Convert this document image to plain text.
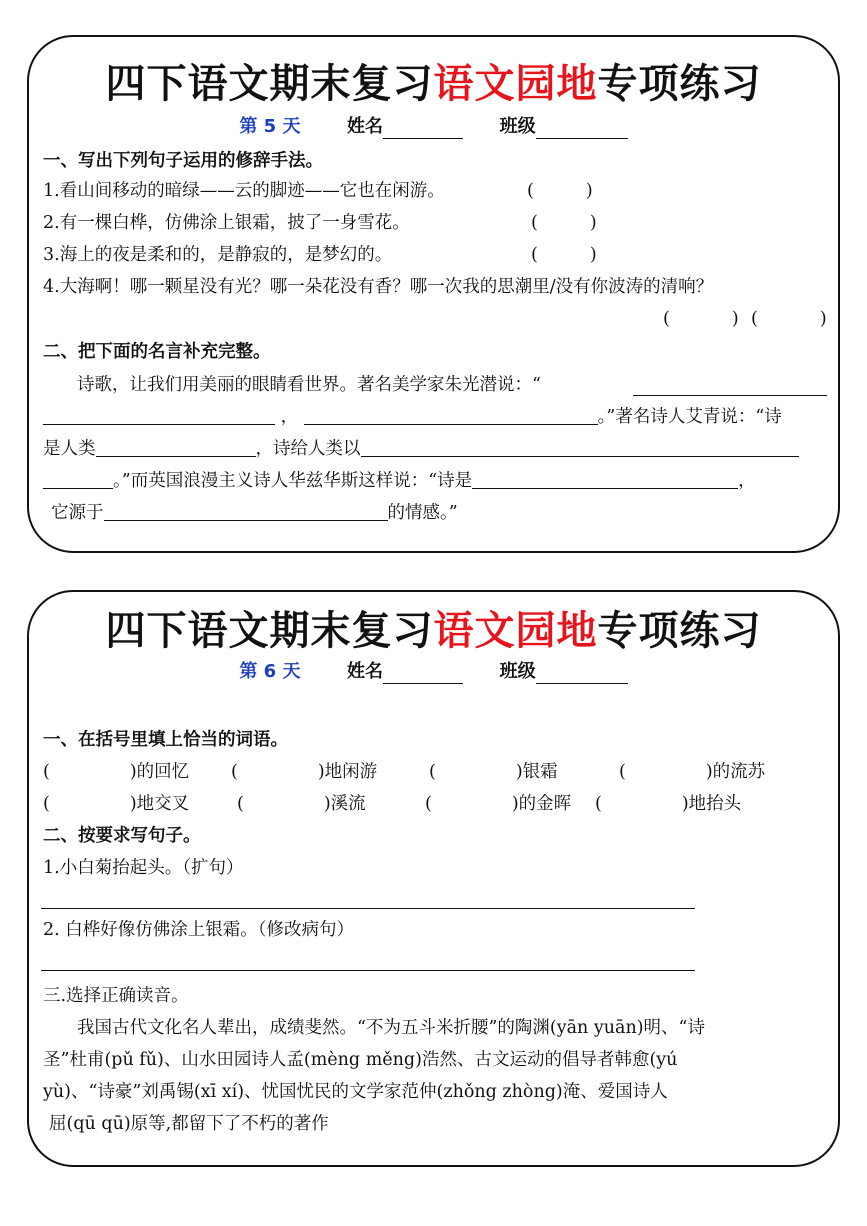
四下语文期末复习语文园地专项练习
第 5 天	姓名	班级
一、写出下列句子运用的修辞手法。
1.看山间移动的暗绿——云的脚迹——它也在闲游。	(	)
2.有一棵白桦，仿佛涂上银霜，披了一身雪花。	(	)
3.海上的夜是柔和的，是静寂的，是梦幻的。	(	)
4.大海啊！哪一颗星没有光？哪一朵花没有香？哪一次我的思潮里/没有你波涛的清响？
(	) (	)
二、把下面的名言补充完整。
诗歌，让我们用美丽的眼睛看世界。著名美学家朱光潜说：“
，	。”著名诗人艾青说：“诗
是人类	，诗给人类以
。”而英国浪漫主义诗人华兹华斯这样说：“诗是	，
它源于	的情感。”
四下语文期末复习语文园地专项练习
第 6 天	姓名	班级
一、在括号里填上恰当的词语。
(	)的回忆 (	)地闲游	(	)银霜	(	)的流苏
(	)地交叉	(	)溪流	(	)的金晖 (	)地抬头
二、按要求写句子。
1.小白菊抬起头。（扩句）
2. 白桦好像仿佛涂上银霜。（修改病句）
三.选择正确读音。
我国古代文化名人辈出，成绩斐然。“不为五斗米折腰”的陶渊(yān yuān)明、“诗
圣”杜甫(pǔ fǔ)、山水田园诗人孟(mèng měng)浩然、古文运动的倡导者韩愈(yú
yù)、“诗豪”刘禹锡(xī xí)、忧国忧民的文学家范仲(zhǒng zhòng)淹、爱国诗人
屈(qū qū)原等,都留下了不朽的著作
